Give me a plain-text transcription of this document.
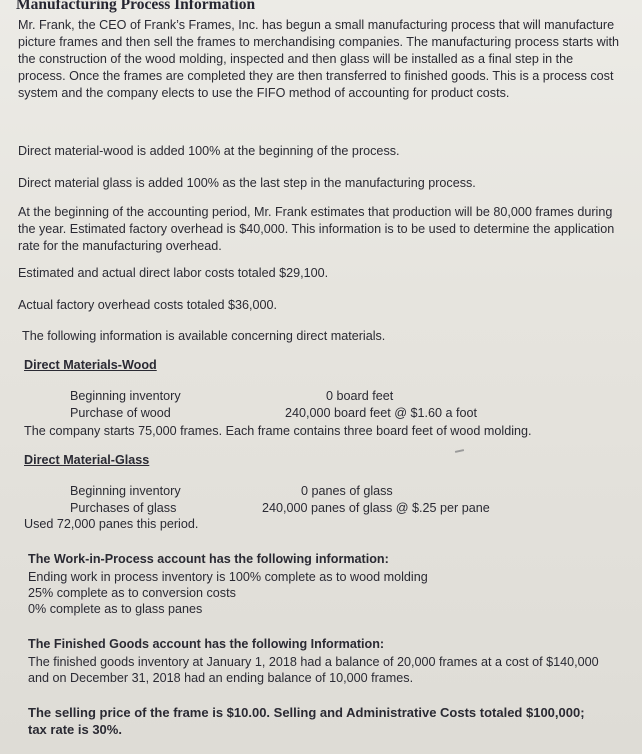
Manufacturing Process Information
Mr. Frank, the CEO of Frank’s Frames, Inc. has begun a small manufacturing process that will manufacture picture frames and then sell the frames to merchandising companies. The manufacturing process starts with the construction of the wood molding, inspected and then glass will be installed as a final step in the process. Once the frames are completed they are then transferred to finished goods. This is a process cost system and the company elects to use the FIFO method of accounting for product costs.
Direct material-wood is added 100% at the beginning of the process.
Direct material glass is added 100% as the last step in the manufacturing process.
At the beginning of the accounting period, Mr. Frank estimates that production will be 80,000 frames during the year. Estimated factory overhead is $40,000. This information is to be used to determine the application rate for the manufacturing overhead.
Estimated and actual direct labor costs totaled $29,100.
Actual factory overhead costs totaled $36,000.
The following information is available concerning direct materials.
Direct Materials-Wood
Beginning inventory	0 board feet
Purchase of wood	240,000 board feet @ $1.60 a foot
The company starts 75,000 frames. Each frame contains three board feet of wood molding.
Direct Material-Glass
Beginning inventory	0 panes of glass
Purchases of glass	240,000 panes of glass @ $.25 per pane
Used 72,000 panes this period.
The Work-in-Process account has the following information:
Ending work in process inventory is 100% complete as to wood molding
25% complete as to conversion costs
0% complete as to glass panes
The Finished Goods account has the following Information:
The finished goods inventory at January 1, 2018 had a balance of 20,000 frames at a cost of $140,000
and on December 31, 2018 had an ending balance of 10,000 frames.
The selling price of the frame is $10.00. Selling and Administrative Costs totaled $100,000;
tax rate is 30%.
